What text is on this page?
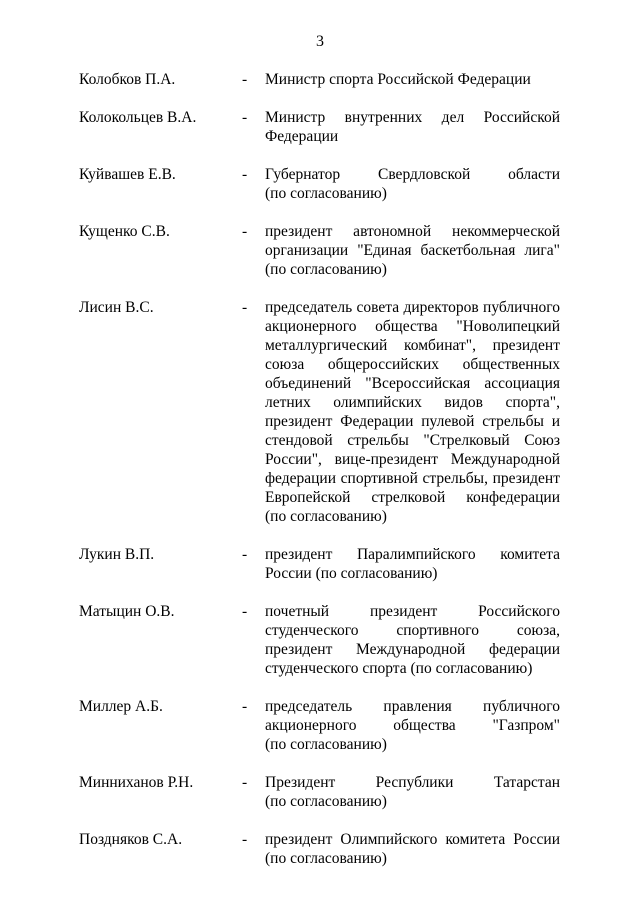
3
Колобков П.А.	-	Министр спорта Российской Федерации
Колокольцев В.А.	-	Министр внутренних дел Российской
Федерации
Куйвашев Е.В.	-	Губернатор Свердловской области
(по согласованию)
Кущенко С.В.	-	президент автономной некоммерческой
организации "Единая баскетбольная лига"
(по согласованию)
Лисин В.С.	-	председатель совета директоров публичного
акционерного общества "Новолипецкий
металлургический комбинат", президент
союза общероссийских общественных
объединений "Всероссийская ассоциация
летних олимпийских видов спорта",
президент Федерации пулевой стрельбы и
стендовой стрельбы "Стрелковый Союз
России", вице-президент Международной
федерации спортивной стрельбы, президент
Европейской стрелковой конфедерации
(по согласованию)
Лукин В.П.	-	президент Паралимпийского комитета
России (по согласованию)
Матыцин О.В.	-	почетный президент Российского
студенческого спортивного союза,
президент Международной федерации
студенческого спорта (по согласованию)
Миллер А.Б.	-	председатель правления публичного
акционерного общества "Газпром"
(по согласованию)
Минниханов Р.Н.	-	Президент Республики Татарстан
(по согласованию)
Поздняков С.А.	-	президент Олимпийского комитета России
(по согласованию)
